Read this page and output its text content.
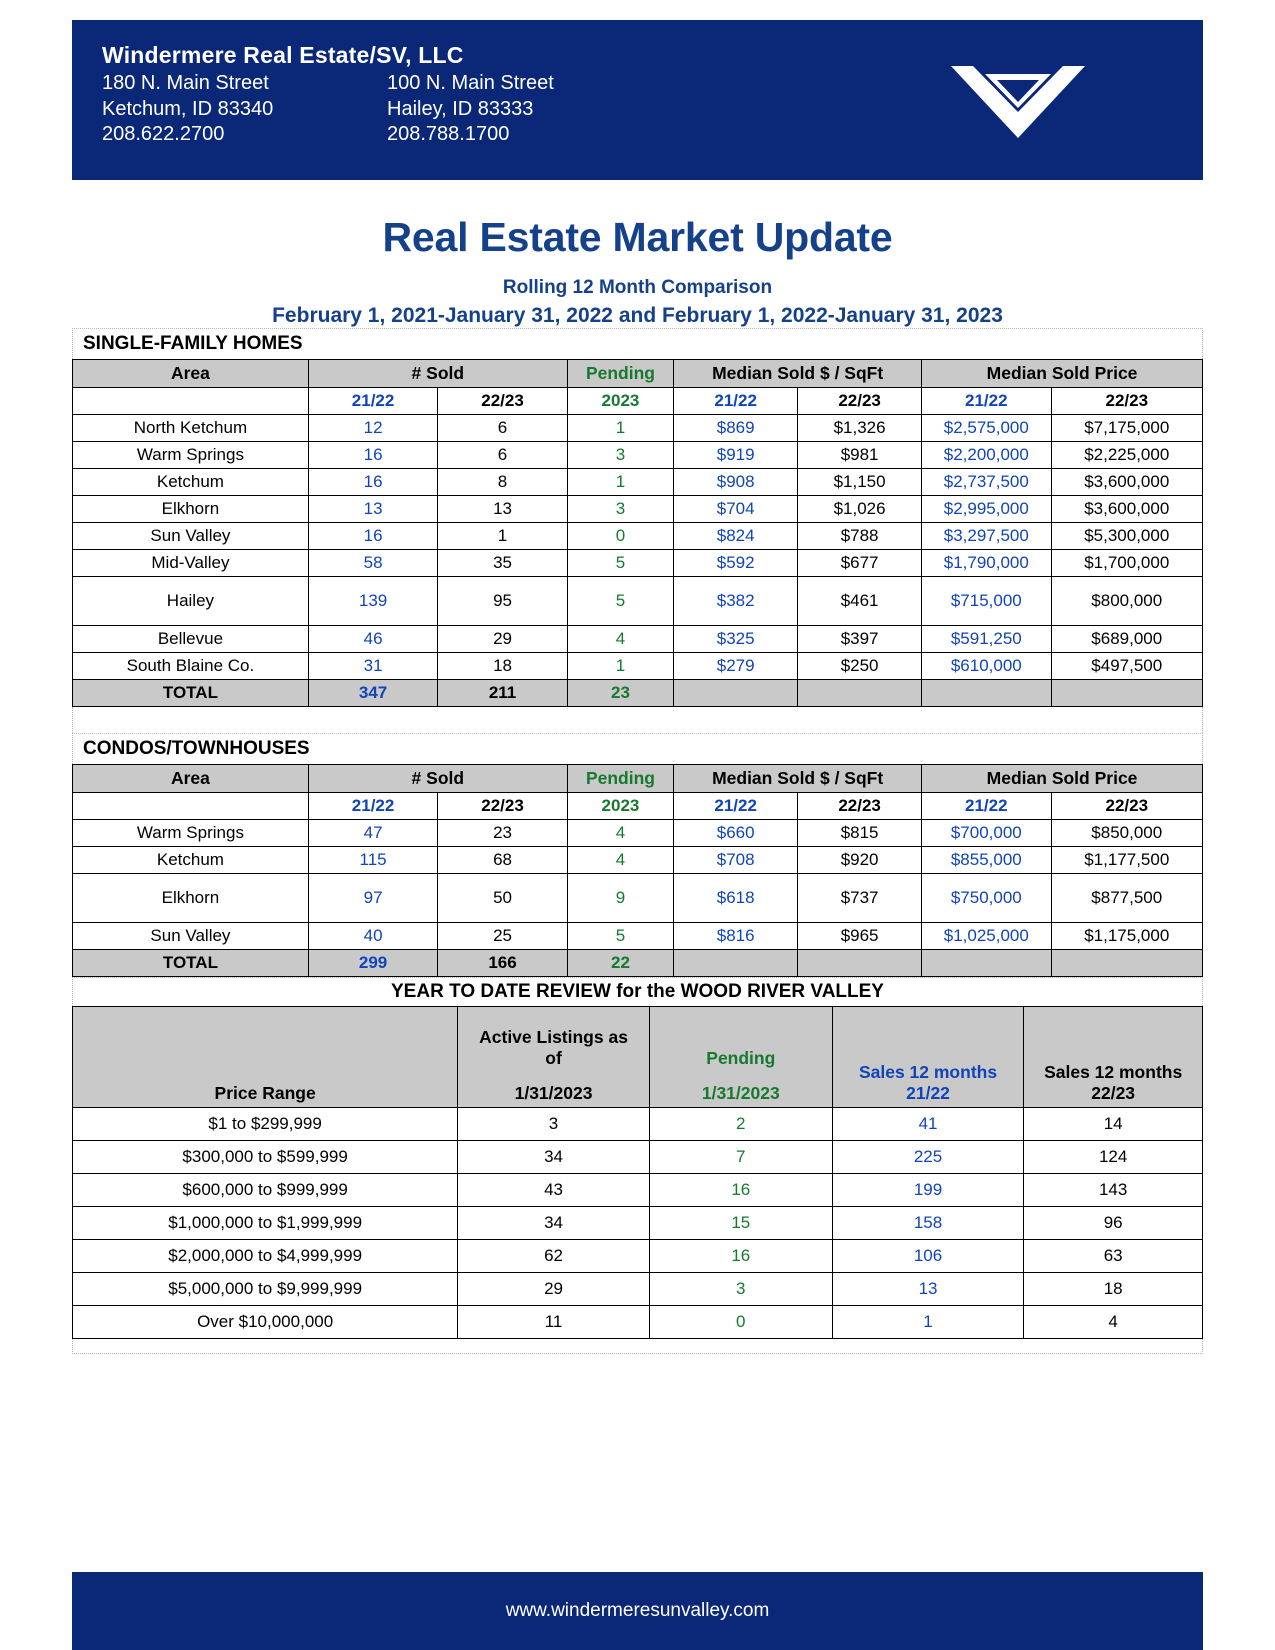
Windermere Real Estate/SV, LLC
180 N. Main Street
Ketchum, ID 83340
208.622.2700
100 N. Main Street
Hailey, ID 83333
208.788.1700
Real Estate Market Update
Rolling 12 Month Comparison
February 1, 2021-January 31, 2022 and February 1, 2022-January 31, 2023
SINGLE-FAMILY HOMES
Area	# Sold		Pending	Median Sold $ / SqFt		Median Sold Price	
	21/22	22/23	2023	21/22	22/23	21/22	22/23
North Ketchum	12	6	1	$869	$1,326	$2,575,000	$7,175,000
Warm Springs	16	6	3	$919	$981	$2,200,000	$2,225,000
Ketchum	16	8	1	$908	$1,150	$2,737,500	$3,600,000
Elkhorn	13	13	3	$704	$1,026	$2,995,000	$3,600,000
Sun Valley	16	1	0	$824	$788	$3,297,500	$5,300,000
Mid-Valley	58	35	5	$592	$677	$1,790,000	$1,700,000
Hailey	139	95	5	$382	$461	$715,000	$800,000
Bellevue	46	29	4	$325	$397	$591,250	$689,000
South Blaine Co.	31	18	1	$279	$250	$610,000	$497,500
TOTAL	347	211	23				
CONDOS/TOWNHOUSES
Area	# Sold		Pending	Median Sold $ / SqFt		Median Sold Price	
	21/22	22/23	2023	21/22	22/23	21/22	22/23
Warm Springs	47	23	4	$660	$815	$700,000	$850,000
Ketchum	115	68	4	$708	$920	$855,000	$1,177,500
Elkhorn	97	50	9	$618	$737	$750,000	$877,500
Sun Valley	40	25	5	$816	$965	$1,025,000	$1,175,000
TOTAL	299	166	22				
YEAR TO DATE REVIEW for the WOOD RIVER VALLEY
Price Range	
Active Listings as
of
1/31/2023

Pending
1/31/2023

Sales 12 months
21/22

Sales 12 months
22/23

$1 to $299,999	3	2	41	14
$300,000 to $599,999	34	7	225	124
$600,000 to $999,999	43	16	199	143
$1,000,000 to $1,999,999	34	15	158	96
$2,000,000 to $4,999,999	62	16	106	63
$5,000,000 to $9,999,999	29	3	13	18
Over $10,000,000	11	0	1	4
www.windermeresunvalley.com
